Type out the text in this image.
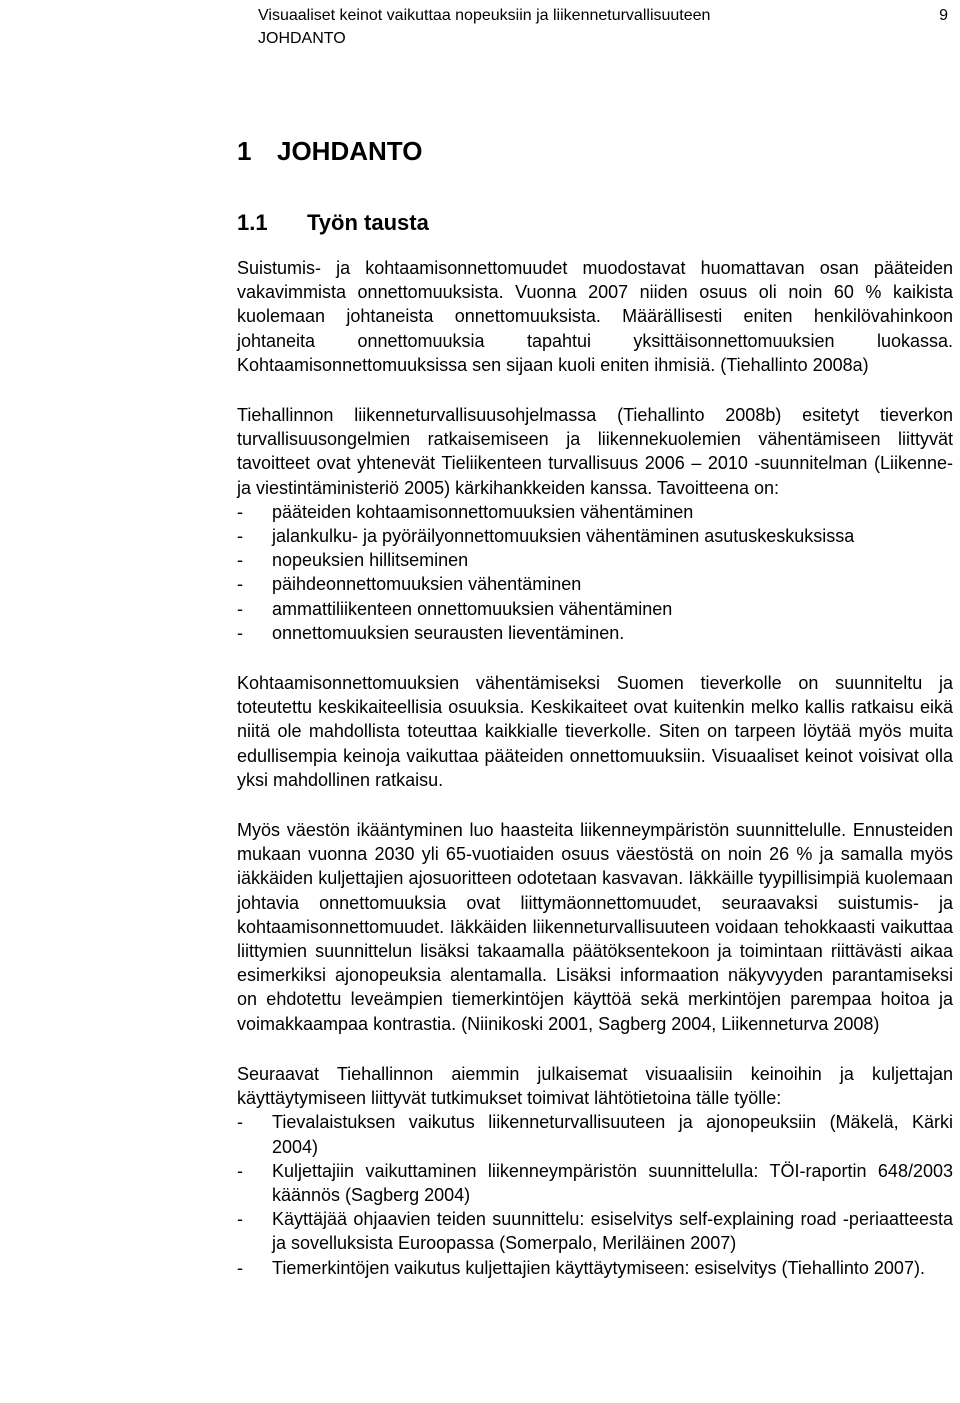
Visuaaliset keinot vaikuttaa nopeuksiin ja liikenneturvallisuuteen	9
JOHDANTO
1 JOHDANTO
1.1 Työn tausta

Suistumis- ja kohtaamisonnettomuudet muodostavat huomattavan osan pääteiden vakavimmista onnettomuuksista. Vuonna 2007 niiden osuus oli noin 60 % kaikista kuolemaan johtaneista onnettomuuksista. Määrällisesti eniten henkilövahinkoon johtaneita onnettomuuksia tapahtui yksittäisonnettomuuksien luokassa. Kohtaamisonnettomuuksissa sen sijaan kuoli eniten ihmisiä. (Tiehallinto 2008a)

Tiehallinnon liikenneturvallisuusohjelmassa (Tiehallinto 2008b) esitetyt tieverkon turvallisuusongelmien ratkaisemiseen ja liikennekuolemien vähentämiseen liittyvät tavoitteet ovat yhtenevät Tieliikenteen turvallisuus 2006 – 2010 -suunnitelman (Liikenne- ja viestintäministeriö 2005) kärkihankkeiden kanssa. Tavoitteena on:

- pääteiden kohtaamisonnettomuuksien vähentäminen
- jalankulku- ja pyöräilyonnettomuuksien vähentäminen asutuskeskuksissa
- nopeuksien hillitseminen
- päihdeonnettomuuksien vähentäminen
- ammattiliikenteen onnettomuuksien vähentäminen
- onnettomuuksien seurausten lieventäminen.

Kohtaamisonnettomuuksien vähentämiseksi Suomen tieverkolle on suunniteltu ja toteutettu keskikaiteellisia osuuksia. Keskikaiteet ovat kuitenkin melko kallis ratkaisu eikä niitä ole mahdollista toteuttaa kaikkialle tieverkolle. Siten on tarpeen löytää myös muita edullisempia keinoja vaikuttaa pääteiden onnettomuuksiin. Visuaaliset keinot voisivat olla yksi mahdollinen ratkaisu.

Myös väestön ikääntyminen luo haasteita liikenneympäristön suunnittelulle. Ennusteiden mukaan vuonna 2030 yli 65-vuotiaiden osuus väestöstä on noin 26 % ja samalla myös iäkkäiden kuljettajien ajosuoritteen odotetaan kasvavan. Iäkkäille tyypillisimpiä kuolemaan johtavia onnettomuuksia ovat liittymäonnettomuudet, seuraavaksi suistumis- ja kohtaamisonnettomuudet. Iäkkäiden liikenneturvallisuuteen voidaan tehokkaasti vaikuttaa liittymien suunnittelun lisäksi takaamalla päätöksentekoon ja toimintaan riittävästi aikaa esimerkiksi ajonopeuksia alentamalla. Lisäksi informaation näkyvyyden parantamiseksi on ehdotettu leveämpien tiemerkintöjen käyttöä sekä merkintöjen parempaa hoitoa ja voimakkaampaa kontrastia. (Niinikoski 2001, Sagberg 2004, Liikenneturva 2008)

Seuraavat Tiehallinnon aiemmin julkaisemat visuaalisiin keinoihin ja kuljettajan käyttäytymiseen liittyvät tutkimukset toimivat lähtötietoina tälle työlle:

- Tievalaistuksen vaikutus liikenneturvallisuuteen ja ajonopeuksiin (Mäkelä, Kärki 2004)
- Kuljettajiin vaikuttaminen liikenneympäristön suunnittelulla: TÖI-raportin 648/2003 käännös (Sagberg 2004)
- Käyttäjää ohjaavien teiden suunnittelu: esiselvitys self-explaining road -periaatteesta ja sovelluksista Euroopassa (Somerpalo, Meriläinen 2007)
- Tiemerkintöjen vaikutus kuljettajien käyttäytymiseen: esiselvitys (Tiehallinto 2007).
